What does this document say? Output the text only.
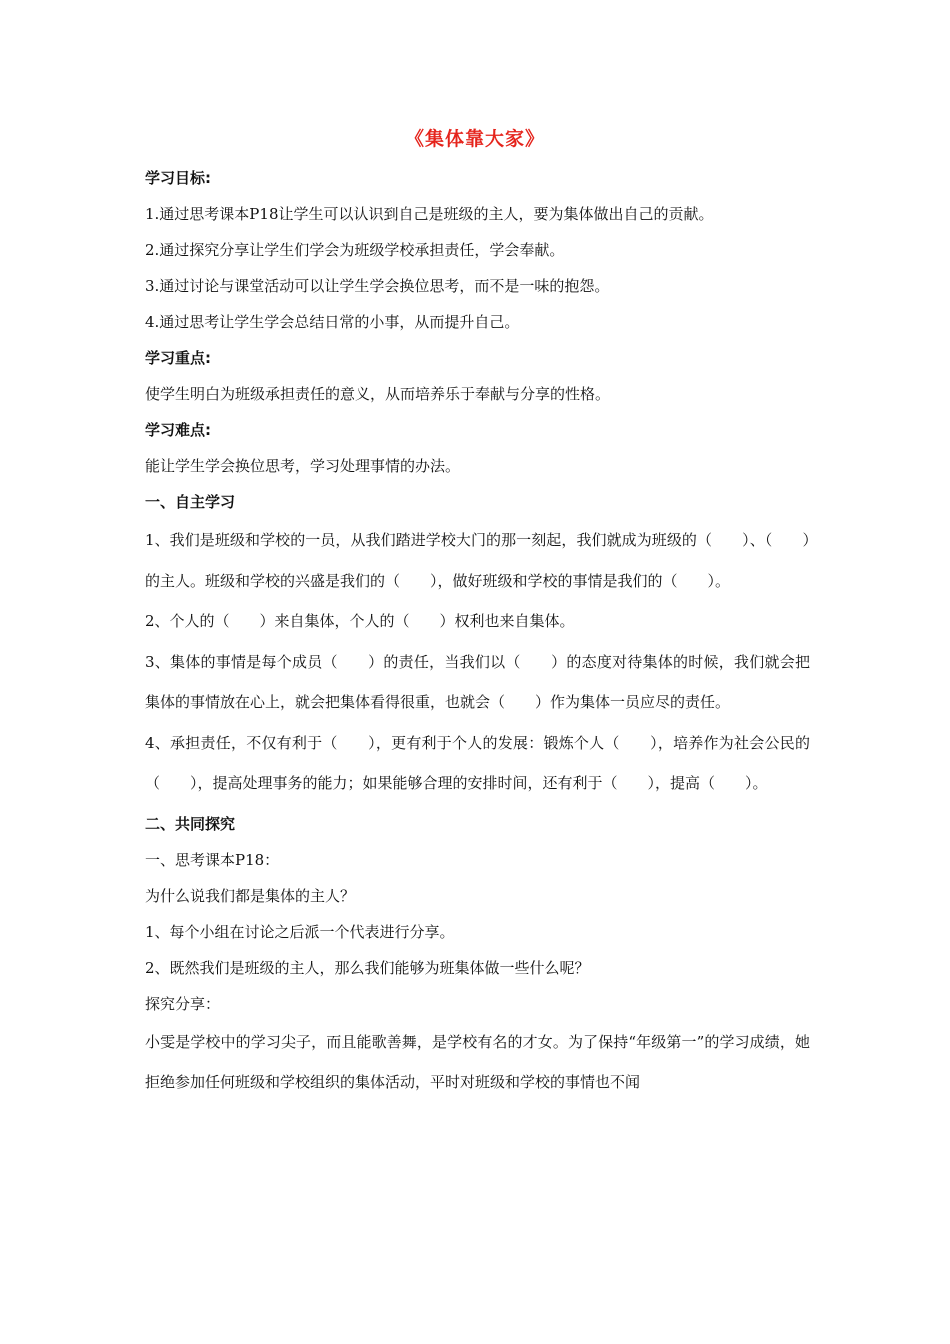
《集体靠大家》

学习目标:

1.通过思考课本P18让学生可以认识到自己是班级的主人，要为集体做出自己的贡献。

2.通过探究分享让学生们学会为班级学校承担责任，学会奉献。

3.通过讨论与课堂活动可以让学生学会换位思考，而不是一味的抱怨。

4.通过思考让学生学会总结日常的小事，从而提升自己。

学习重点:

使学生明白为班级承担责任的意义，从而培养乐于奉献与分享的性格。

学习难点:

能让学生学会换位思考，学习处理事情的办法。

一、自主学习

1、我们是班级和学校的一员，从我们踏进学校大门的那一刻起，我们就成为班级的（　　）、（　　）的主人。班级和学校的兴盛是我们的（　　），做好班级和学校的事情是我们的（　　）。

2、个人的（　　）来自集体，个人的（　　）权利也来自集体。

3、集体的事情是每个成员（　　）的责任，当我们以（　　）的态度对待集体的时候，我们就会把集体的事情放在心上，就会把集体看得很重，也就会（　　）作为集体一员应尽的责任。

4、承担责任，不仅有利于（　　），更有利于个人的发展：锻炼个人（　　），培养作为社会公民的（　　），提高处理事务的能力；如果能够合理的安排时间，还有利于（　　），提高（　　）。

二、共同探究

一、思考课本P18：

为什么说我们都是集体的主人？

1、每个小组在讨论之后派一个代表进行分享。

2、既然我们是班级的主人，那么我们能够为班集体做一些什么呢？

探究分享：

小雯是学校中的学习尖子，而且能歌善舞，是学校有名的才女。为了保持“年级第一”的学习成绩，她拒绝参加任何班级和学校组织的集体活动，平时对班级和学校的事情也不闻
